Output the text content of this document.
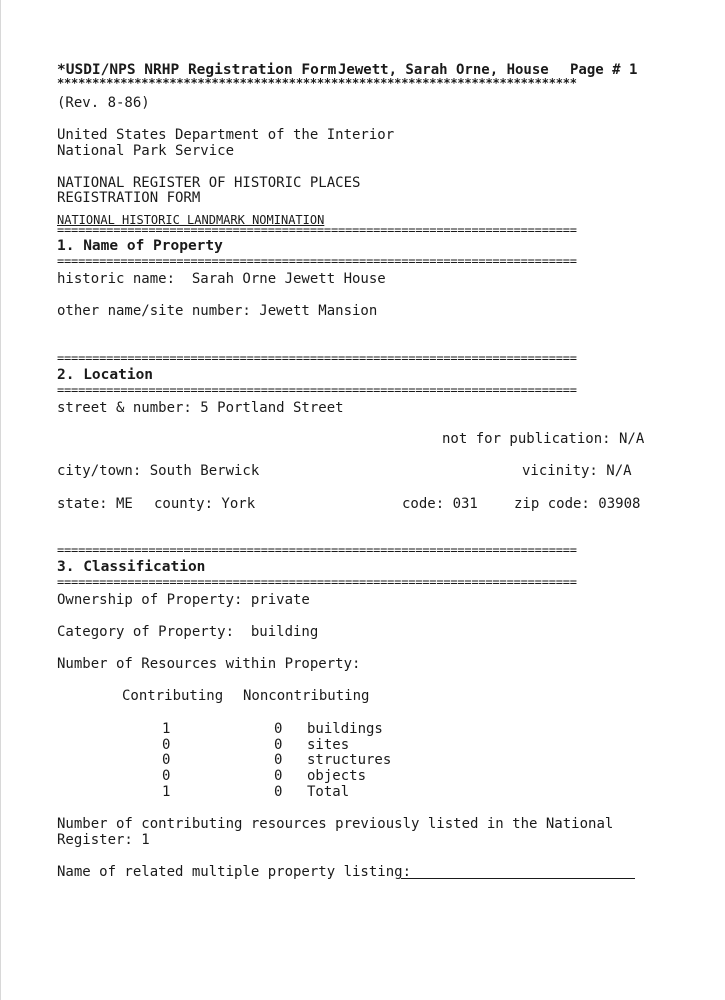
*USDI/NPS NRHP Registration Form Jewett, Sarah Orne, House Page # 1
**************************************************************************
(Rev. 8-86)
United States Department of the Interior
National Park Service
NATIONAL REGISTER OF HISTORIC PLACES
REGISTRATION FORM
NATIONAL HISTORIC LANDMARK NOMINATION
==========================================================================
1. Name of Property
==========================================================================
historic name:  Sarah Orne Jewett House
other name/site number: Jewett Mansion
==========================================================================
2. Location
==========================================================================
street & number: 5 Portland Street
not for publication: N/A
city/town: South Berwick	vicinity: N/A
state: ME county: York	code: 031	zip code: 03908
==========================================================================
3. Classification
==========================================================================
Ownership of Property: private
Category of Property:  building
Number of Resources within Property:
Contributing Noncontributing
1	0 buildings
0	0 sites
0	0 structures
0	0 objects
1	0 Total
Number of contributing resources previously listed in the National
Register: 1
Name of related multiple property listing:
